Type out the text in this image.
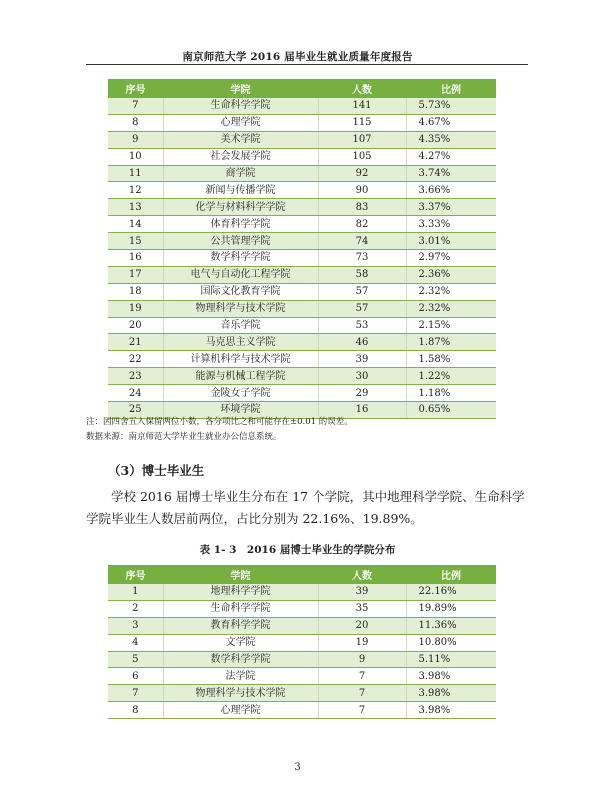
南京师范大学 2016 届毕业生就业质量年度报告
序号	学院	人数	比例
7	生命科学学院	141	5.73%
8	心理学院	115	4.67%
9	美术学院	107	4.35%
10	社会发展学院	105	4.27%
11	商学院	92	3.74%
12	新闻与传播学院	90	3.66%
13	化学与材料科学学院	83	3.37%
14	体育科学学院	82	3.33%
15	公共管理学院	74	3.01%
16	数学科学学院	73	2.97%
17	电气与自动化工程学院	58	2.36%
18	国际文化教育学院	57	2.32%
19	物理科学与技术学院	57	2.32%
20	音乐学院	53	2.15%
21	马克思主义学院	46	1.87%
22	计算机科学与技术学院	39	1.58%
23	能源与机械工程学院	30	1.22%
24	金陵女子学院	29	1.18%
25	环境学院	16	0.65%
注：因四舍五入保留两位小数，各分项比之和可能存在±0.01 的误差。
数据来源：南京师范大学毕业生就业办公信息系统。
（3）博士毕业生
学校 2016 届博士毕业生分布在 17 个学院，其中地理科学学院、生命科学学院毕业生人数居前两位，占比分别为 22.16%、19.89%。
表 1- 3　2016 届博士毕业生的学院分布
序号	学院	人数	比例
1	地理科学学院	39	22.16%
2	生命科学学院	35	19.89%
3	教育科学学院	20	11.36%
4	文学院	19	10.80%
5	数学科学学院	9	5.11%
6	法学院	7	3.98%
7	物理科学与技术学院	7	3.98%
8	心理学院	7	3.98%
3
